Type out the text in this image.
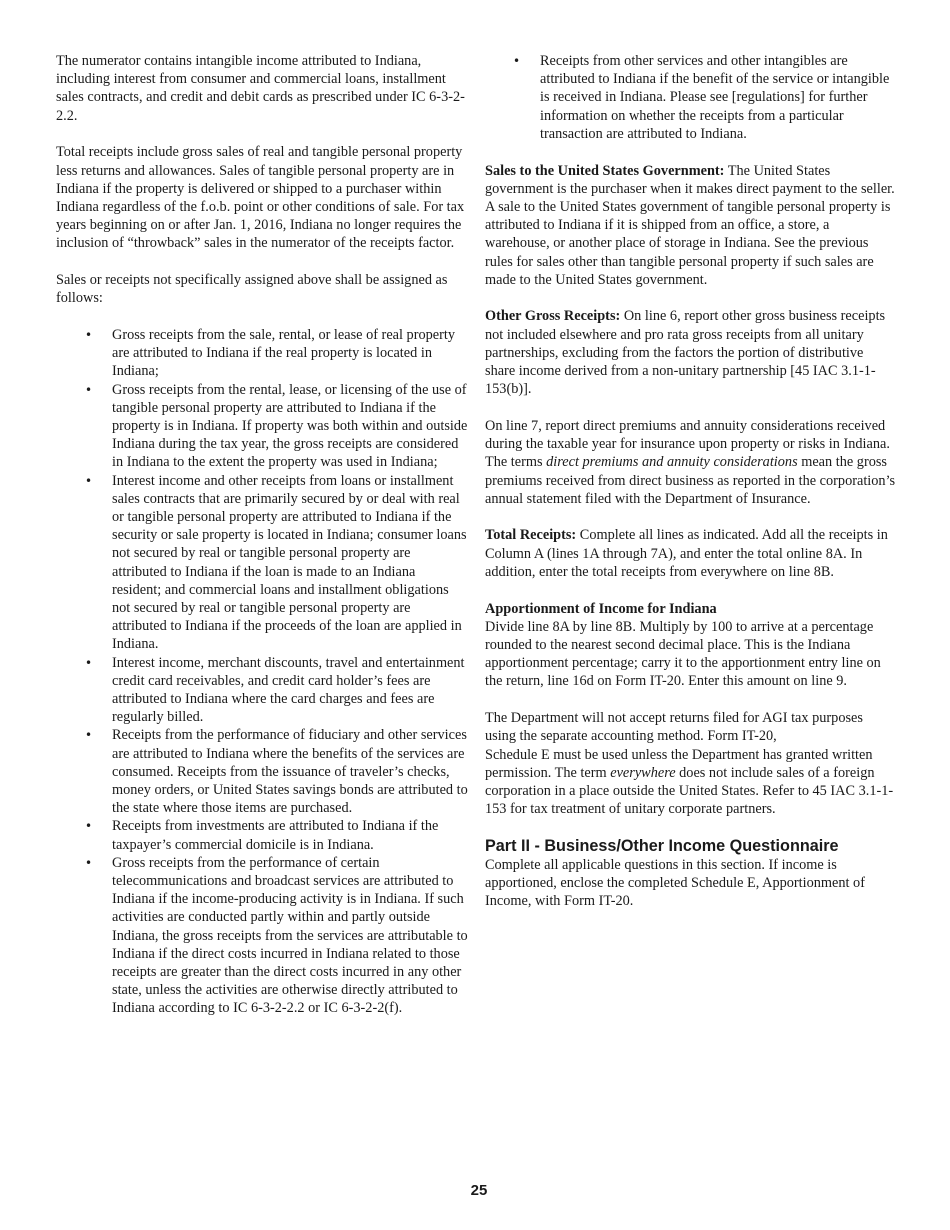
The numerator contains intangible income attributed to Indiana, including interest from consumer and commercial loans, installment sales contracts, and credit and debit cards as prescribed under IC 6-3-2-2.2.

Total receipts include gross sales of real and tangible personal property less returns and allowances. Sales of tangible personal property are in Indiana if the property is delivered or shipped to a purchaser within Indiana regardless of the f.o.b. point or other conditions of sale. For tax years beginning on or after Jan. 1, 2016, Indiana no longer requires the inclusion of “throwback” sales in the numerator of the receipts factor.

Sales or receipts not specifically assigned above shall be assigned as follows:

• Gross receipts from the sale, rental, or lease of real property are attributed to Indiana if the real property is located in Indiana;
• Gross receipts from the rental, lease, or licensing of the use of tangible personal property are attributed to Indiana if the property is in Indiana. If property was both within and outside Indiana during the tax year, the gross receipts are considered in Indiana to the extent the property was used in Indiana;
• Interest income and other receipts from loans or installment sales contracts that are primarily secured by or deal with real or tangible personal property are attributed to Indiana if the security or sale property is located in Indiana; consumer loans not secured by real or tangible personal property are attributed to Indiana if the loan is made to an Indiana resident; and commercial loans and installment obligations not secured by real or tangible personal property are attributed to Indiana if the proceeds of the loan are applied in Indiana.
• Interest income, merchant discounts, travel and entertainment credit card receivables, and credit card holder’s fees are attributed to Indiana where the card charges and fees are regularly billed.
• Receipts from the performance of fiduciary and other services are attributed to Indiana where the benefits of the services are consumed. Receipts from the issuance of traveler’s checks, money orders, or United States savings bonds are attributed to the state where those items are purchased.
• Receipts from investments are attributed to Indiana if the taxpayer’s commercial domicile is in Indiana.
• Gross receipts from the performance of certain telecommunications and broadcast services are attributed to Indiana if the income-producing activity is in Indiana. If such activities are conducted partly within and partly outside Indiana, the gross receipts from the services are attributable to Indiana if the direct costs incurred in Indiana related to those receipts are greater than the direct costs incurred in any other state, unless the activities are otherwise directly attributed to Indiana according to IC 6-3-2-2.2 or IC 6-3-2-2(f).
• Receipts from other services and other intangibles are attributed to Indiana if the benefit of the service or intangible is received in Indiana. Please see [regulations] for further information on whether the receipts from a particular transaction are attributed to Indiana.

Sales to the United States Government: The United States government is the purchaser when it makes direct payment to the seller. A sale to the United States government of tangible personal property is attributed to Indiana if it is shipped from an office, a store, a warehouse, or another place of storage in Indiana. See the previous rules for sales other than tangible personal property if such sales are made to the United States government.

Other Gross Receipts: On line 6, report other gross business receipts not included elsewhere and pro rata gross receipts from all unitary partnerships, excluding from the factors the portion of distributive share income derived from a non-unitary partnership [45 IAC 3.1-1-153(b)].

On line 7, report direct premiums and annuity considerations received during the taxable year for insurance upon property or risks in Indiana. The terms direct premiums and annuity considerations mean the gross premiums received from direct business as reported in the corporation’s annual statement filed with the Department of Insurance.

Total Receipts: Complete all lines as indicated. Add all the receipts in Column A (lines 1A through 7A), and enter the total online 8A. In addition, enter the total receipts from everywhere on line 8B.

Apportionment of Income for Indiana

Divide line 8A by line 8B. Multiply by 100 to arrive at a percentage rounded to the nearest second decimal place. This is the Indiana apportionment percentage; carry it to the apportionment entry line on the return, line 16d on Form IT-20. Enter this amount on line 9.

The Department will not accept returns filed for AGI tax purposes using the separate accounting method. Form IT-20,
Schedule E must be used unless the Department has granted written permission. The term everywhere does not include sales of a foreign corporation in a place outside the United States. Refer to 45 IAC 3.1-1-153 for tax treatment of unitary corporate partners.

Part II - Business/Other Income Questionnaire

Complete all applicable questions in this section. If income is apportioned, enclose the completed Schedule E, Apportionment of Income, with Form IT-20.

25
